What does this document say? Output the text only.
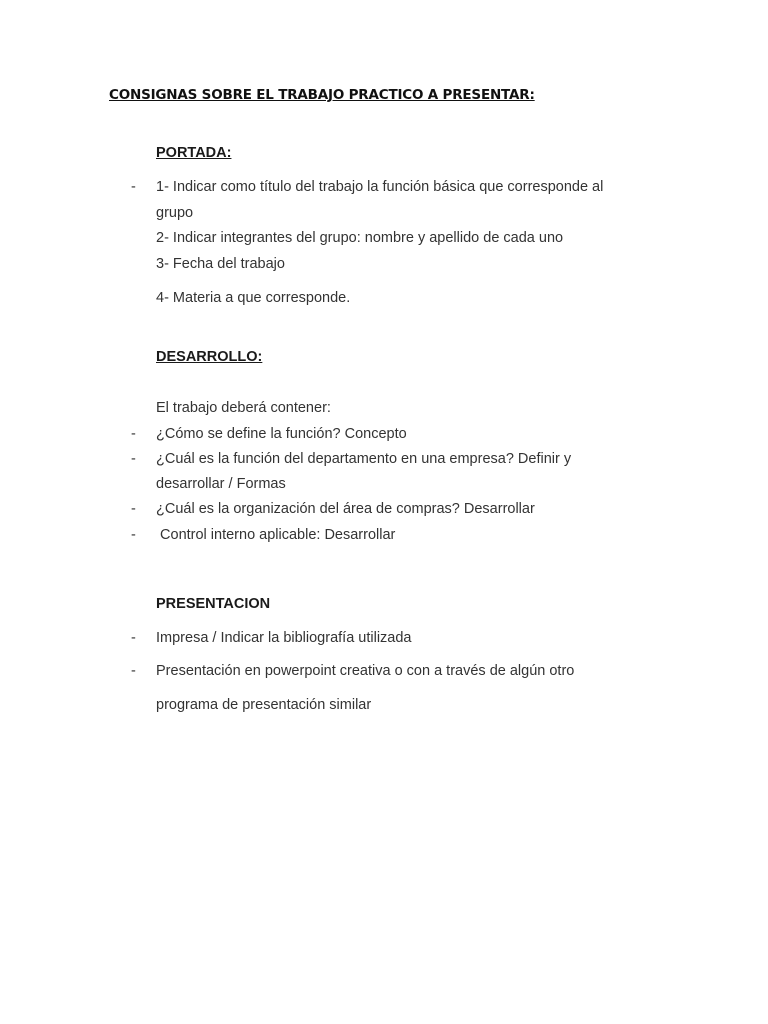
CONSIGNAS SOBRE EL TRABAJO PRACTICO A PRESENTAR:
PORTADA:
- 1- Indicar como título del trabajo la función básica que corresponde al
grupo
2- Indicar integrantes del grupo: nombre y apellido de cada uno
3- Fecha del trabajo
4- Materia a que corresponde.
DESARROLLO:
El trabajo deberá contener:
- ¿Cómo se define la función? Concepto
- ¿Cuál es la función del departamento en una empresa? Definir y
desarrollar / Formas
- ¿Cuál es la organización del área de compras? Desarrollar
- Control interno aplicable: Desarrollar
PRESENTACION
- Impresa / Indicar la bibliografía utilizada
- Presentación en powerpoint creativa o con a través de algún otro
programa de presentación similar
